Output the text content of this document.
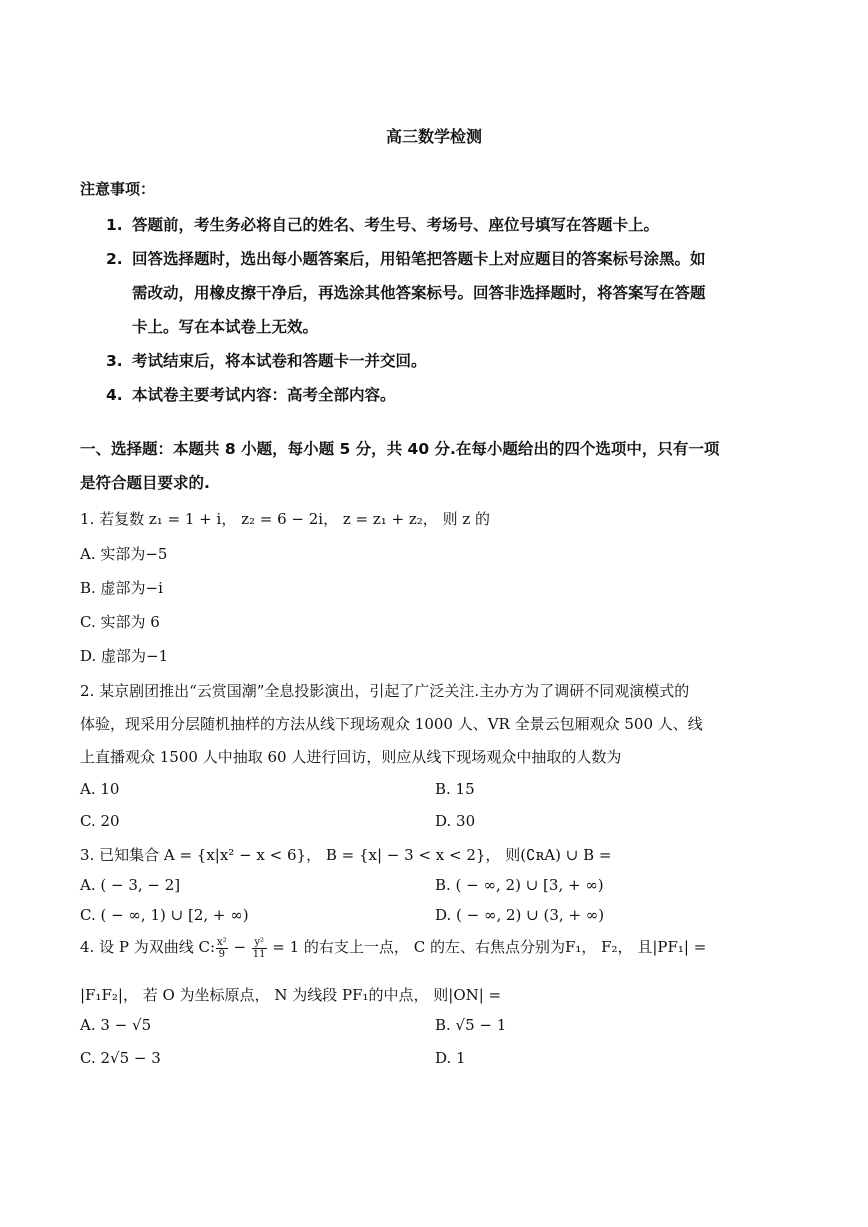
高三数学检测
注意事项：
1. 答题前，考生务必将自己的姓名、考生号、考场号、座位号填写在答题卡上。
2. 回答选择题时，选出每小题答案后，用铅笔把答题卡上对应题目的答案标号涂黑。如
需改动，用橡皮擦干净后，再选涂其他答案标号。回答非选择题时，将答案写在答题
卡上。写在本试卷上无效。
3. 考试结束后，将本试卷和答题卡一并交回。
4. 本试卷主要考试内容：高考全部内容。
一、选择题：本题共 8 小题，每小题 5 分，共 40 分.在每小题给出的四个选项中，只有一项
是符合题目要求的.
1. 若复数 z₁ = 1 + i， z₂ = 6 − 2i， z = z₁ + z₂， 则 z 的
A. 实部为−5
B. 虚部为−i
C. 实部为 6
D. 虚部为−1
2. 某京剧团推出“云赏国潮”全息投影演出，引起了广泛关注.主办方为了调研不同观演模式的
体验，现采用分层随机抽样的方法从线下现场观众 1000 人、VR 全景云包厢观众 500 人、线
上直播观众 1500 人中抽取 60 人进行回访，则应从线下现场观众中抽取的人数为
A. 10	B. 15
C. 20	D. 30
3. 已知集合 A = {x|x² − x < 6}， B = {x| − 3 < x < 2}， 则(∁ʀA) ∪ B =
A. ( − 3, − 2]	B. ( − ∞, 2) ∪ [3, + ∞)
C. ( − ∞, 1) ∪ [2, + ∞)	D. ( − ∞, 2) ∪ (3, + ∞)
4. 设 P 为双曲线 C: $\frac{\text{x²}}{9} - \frac{\text{y²}}{11} = 1$ 的右支上一点， C 的左、右焦点分别为F₁， F₂， 且|PF₁| =
|F₁F₂|， 若 O 为坐标原点， N 为线段 PF₁的中点， 则|ON| =
A. 3 − √5	B. √5 − 1
C. 2√5 − 3	D. 1
